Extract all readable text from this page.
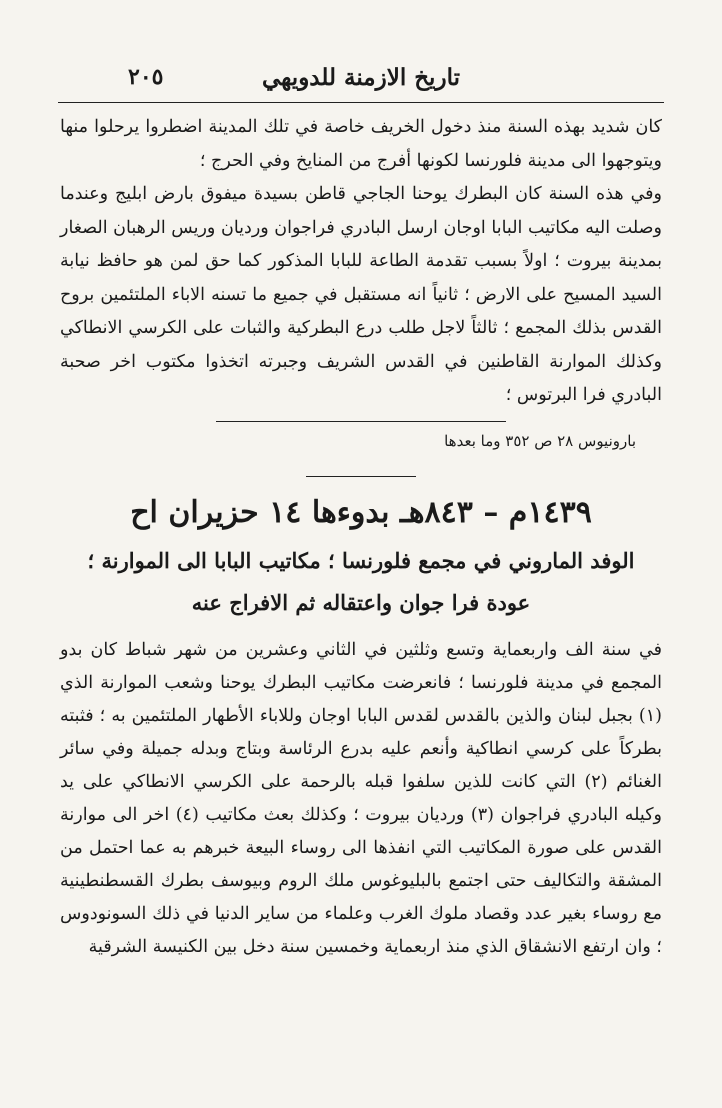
تاريخ الازمنة للدويهي
٢٠٥

كان شديد بهذه السنة منذ دخول الخريف خاصة في تلك المدينة اضطروا يرحلوا منها ويتوجهوا الى مدينة فلورنسا لكونها أفرج من المنايخ وفي الحرج ؛

وفي هذه السنة كان البطرك يوحنا الجاجي قاطن بسيدة ميفوق بارض ابليج وعندما وصلت اليه مكاتيب البابا اوجان ارسل البادري فراجوان ورديان وريس الرهبان الصغار بمدينة بيروت ؛ اولاً بسبب تقدمة الطاعة للبابا المذكور كما حق لمن هو حافظ نيابة السيد المسيح على الارض ؛ ثانياً انه مستقبل في جميع ما تسنه الاباء الملتئمين بروح القدس بذلك المجمع ؛ ثالثاً لاجل طلب درع البطركية والثبات على الكرسي الانطاكي وكذلك الموارنة القاطنين في القدس الشريف وجبرته اتخذوا مكتوب اخر صحبة البادري فرا البرتوس ؛

بارونيوس ٢٨ ص ٣٥٢ وما بعدها
١٤٣٩م – ٨٤٣هـ بدوءها ١٤ حزيران اح
الوفد الماروني في مجمع فلورنسا ؛ مكاتيب البابا الى الموارنة ؛ عودة فرا جوان واعتقاله ثم الافراج عنه

في سنة الف واربعماية وتسع وثلثين في الثاني وعشرين من شهر شباط كان بدو المجمع في مدينة فلورنسا ؛ فانعرضت مكاتيب البطرك يوحنا وشعب الموارنة الذي (١) بجبل لبنان والذين بالقدس لقدس البابا اوجان وللاباء الأطهار الملتئمين به ؛ فثبته بطركاً على كرسي انطاكية وأنعم عليه بدرع الرئاسة وبتاج وبدله جميلة وفي سائر الغنائم (٢) التي كانت للذين سلفوا قبله بالرحمة على الكرسي الانطاكي على يد وكيله البادري فراجوان (٣) ورديان بيروت ؛ وكذلك بعث مكاتيب (٤) اخر الى موارنة القدس على صورة المكاتيب التي انفذها الى روساء البيعة خبرهم به عما احتمل من المشقة والتكاليف حتى اجتمع بالبليوغوس ملك الروم وبيوسف بطرك القسطنطينية مع روساء بغير عدد وقصاد ملوك الغرب وعلماء من ساير الدنيا في ذلك السونودوس ؛ وان ارتفع الانشقاق الذي منذ اربعماية وخمسين سنة دخل بين الكنيسة الشرقية
